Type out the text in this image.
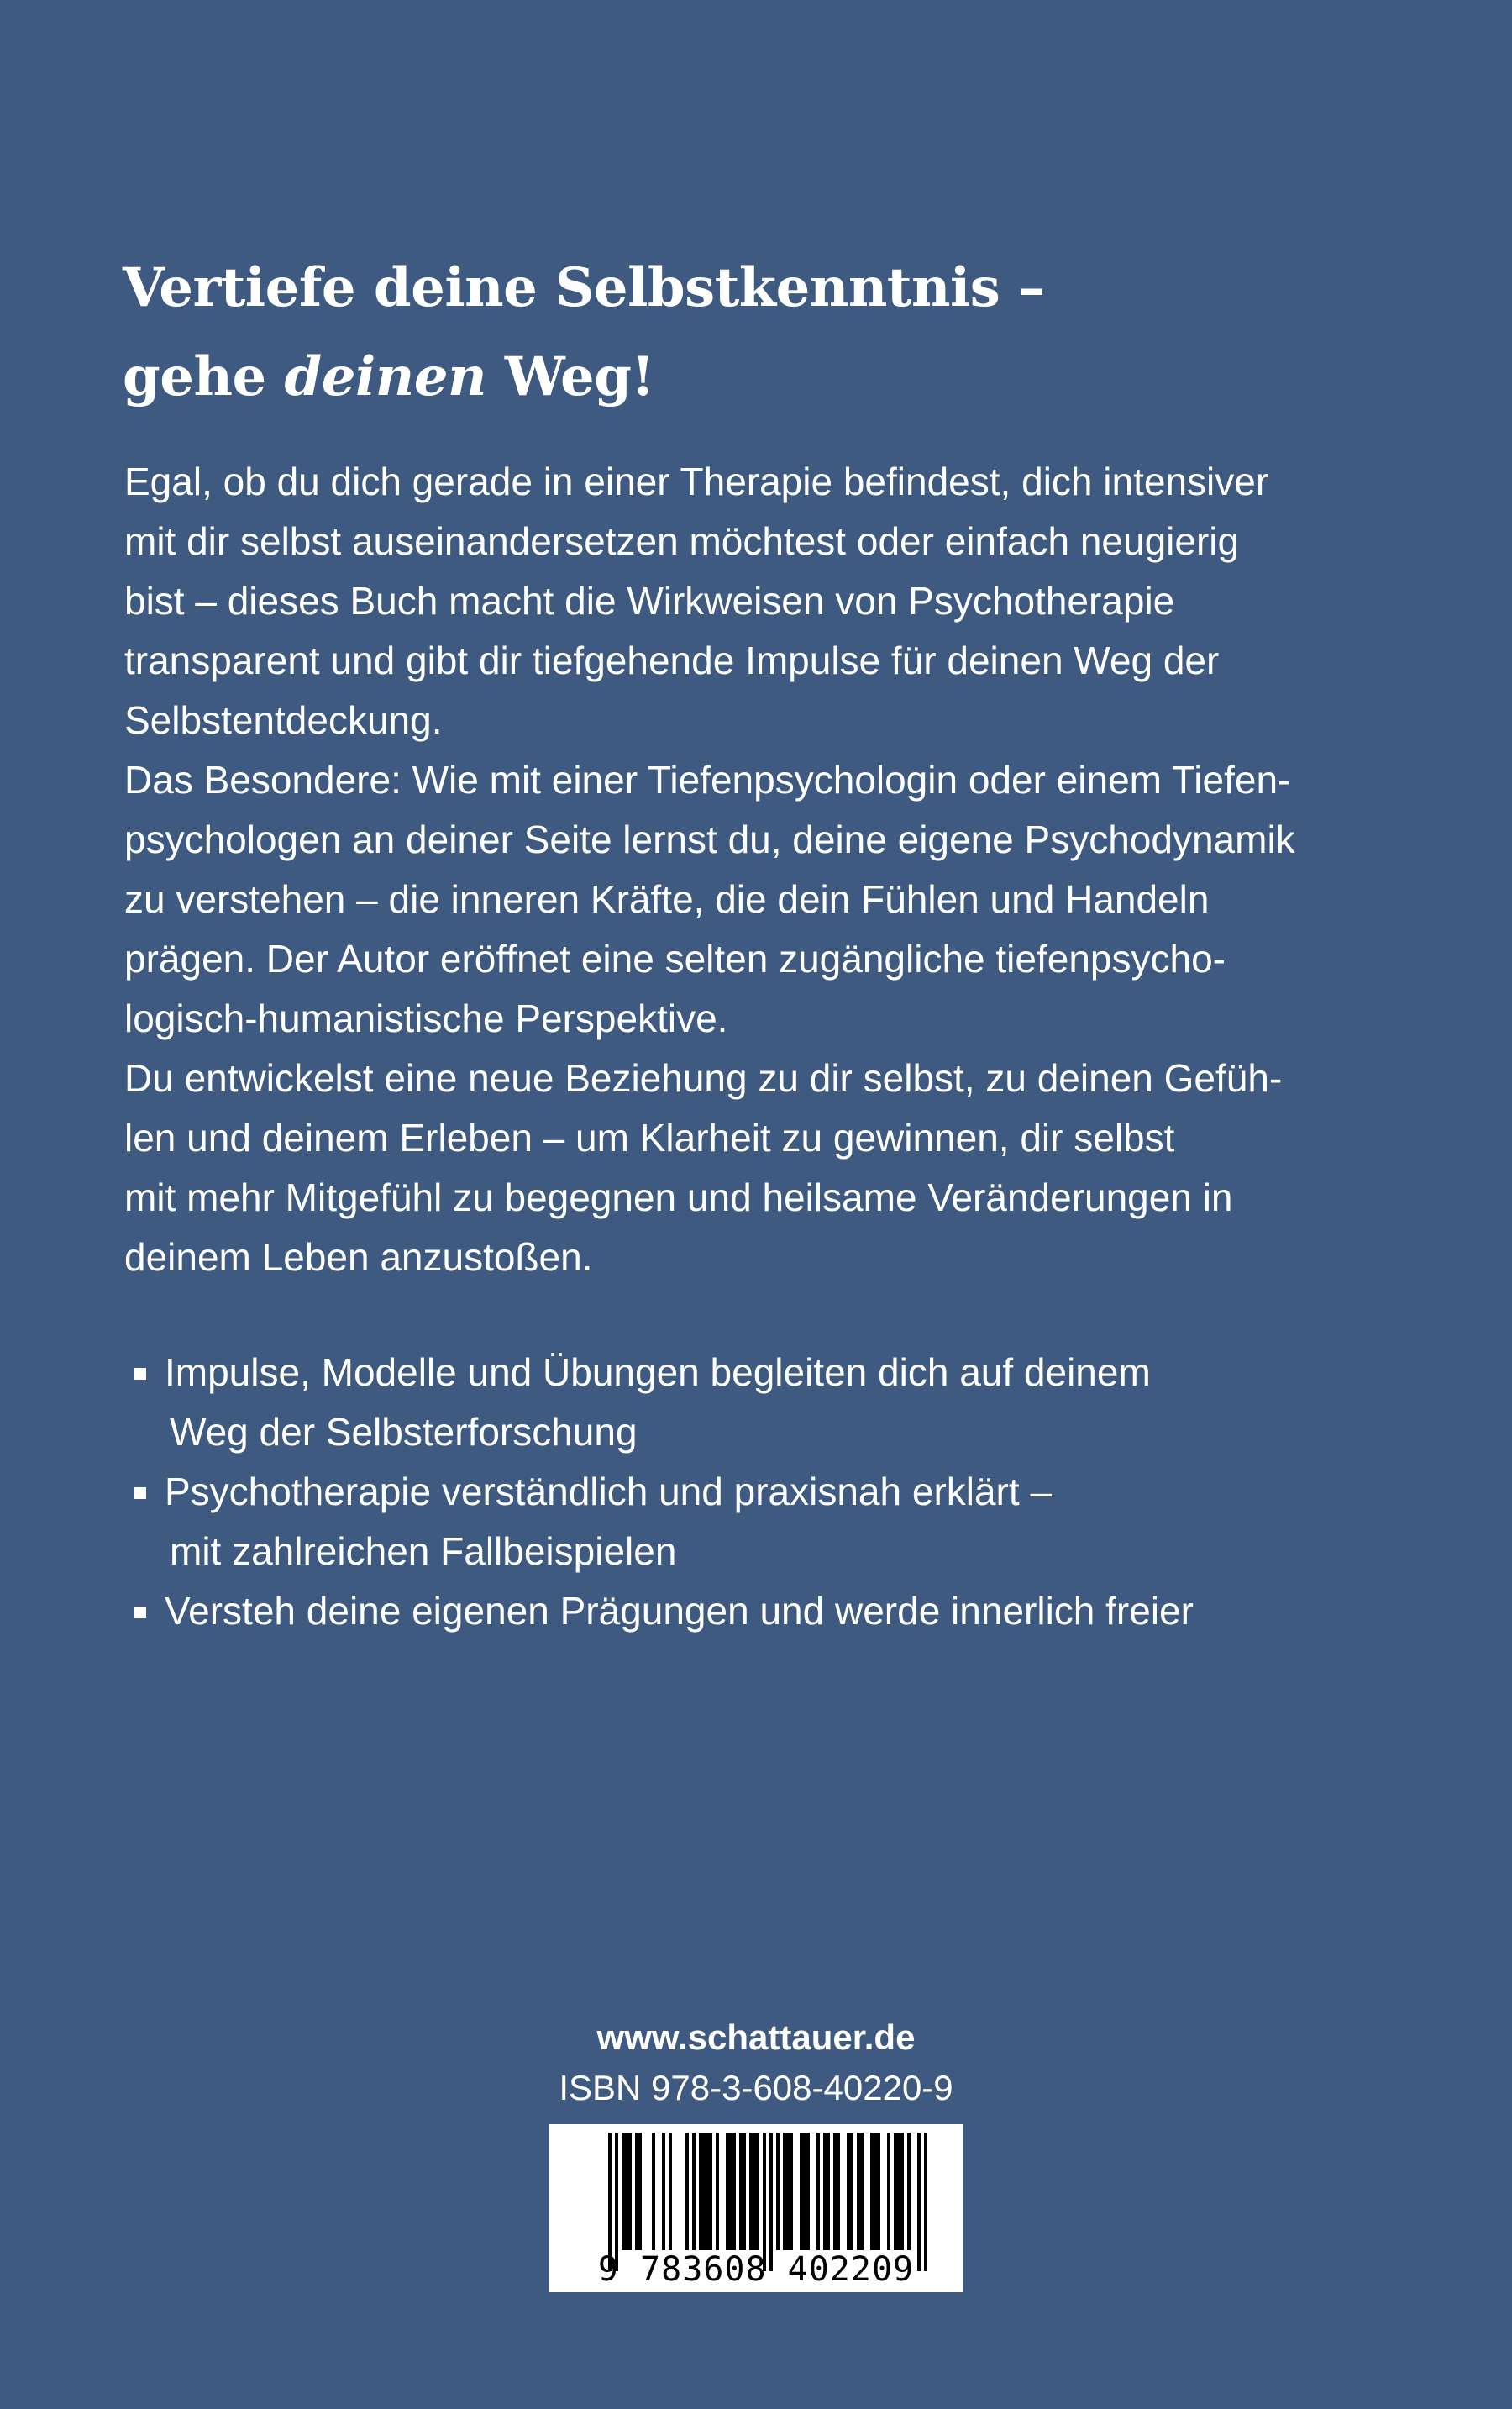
Vertiefe deine Selbstkenntnis –
gehe deinen Weg!

Egal, ob du dich gerade in einer Therapie befindest, dich intensiver
mit dir selbst auseinandersetzen möchtest oder einfach neugierig
bist – dieses Buch macht die Wirkweisen von Psychotherapie
transparent und gibt dir tiefgehende Impulse für deinen Weg der
Selbstentdeckung.

Das Besondere: Wie mit einer Tiefenpsychologin oder einem Tiefen-
psychologen an deiner Seite lernst du, deine eigene Psychodynamik
zu verstehen – die inneren Kräfte, die dein Fühlen und Handeln
prägen. Der Autor eröffnet eine selten zugängliche tiefenpsycho-
logisch-humanistische Perspektive.

Du entwickelst eine neue Beziehung zu dir selbst, zu deinen Gefüh-
len und deinem Erleben – um Klarheit zu gewinnen, dir selbst
mit mehr Mitgefühl zu begegnen und heilsame Veränderungen in
deinem Leben anzustoßen.

Impulse, Modelle und Übungen begleiten dich auf deinem
Weg der Selbsterforschung
Psychotherapie verständlich und praxisnah erklärt –
mit zahlreichen Fallbeispielen
Versteh deine eigenen Prägungen und werde innerlich freier
www.schattauer.de
ISBN 978-3-608-40220-9
9 783608 402209
